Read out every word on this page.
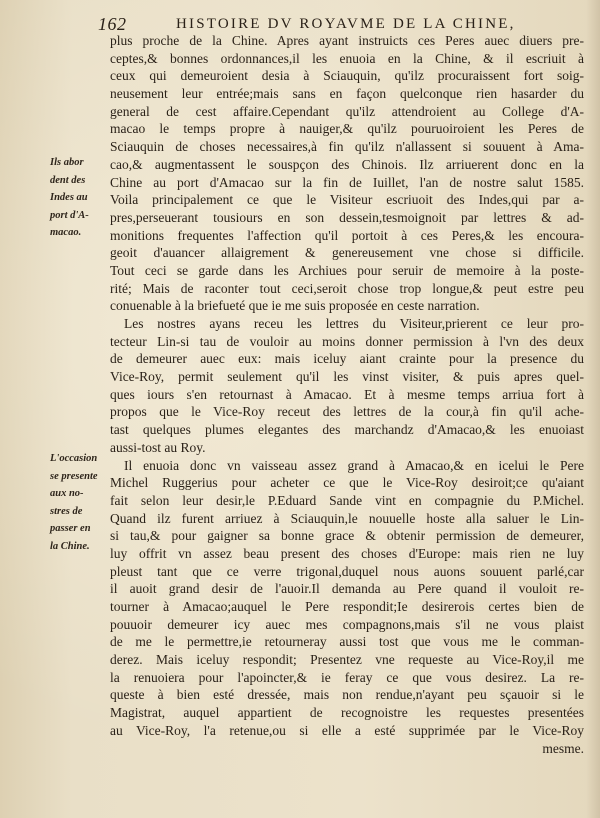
162	HISTOIRE DV ROYAVME DE LA CHINE,
Ils abor
dent des
Indes au
port d'A-
macao.
L'occasion
se presente
aux no-
stres de
passer en
la Chine.
plus proche de la Chine. Apres ayant instruicts ces Peres auec diuers pre-
ceptes,& bonnes ordonnances,il les enuoia en la Chine, & il escriuit à
ceux qui demeuroient desia à Sciauquin, qu'ilz procuraissent fort soig-
neusement leur entrée;mais sans en façon quelconque rien hasarder du
general de cest affaire.Cependant qu'ilz attendroient au College d'A-
macao le temps propre à nauiger,& qu'ilz pouruoiroient les Peres de
Sciauquin de choses necessaires,à fin qu'ilz n'allassent si souuent à Ama-
cao,& augmentassent le souspçon des Chinois. Ilz arriuerent donc en la
Chine au port d'Amacao sur la fin de Iuillet, l'an de nostre salut 1585.
Voila principalement ce que le Visiteur escriuoit des Indes,qui par a-
pres,perseuerant tousiours en son dessein,tesmoignoit par lettres & ad-
monitions frequentes l'affection qu'il portoit à ces Peres,& les encoura-
geoit d'auancer allaigrement & genereusement vne chose si difficile.
Tout ceci se garde dans les Archiues pour seruir de memoire à la poste-
rité; Mais de raconter tout ceci,seroit chose trop longue,& peut estre peu
conuenable à la briefueté que ie me suis proposée en ceste narration.
Les nostres ayans receu les lettres du Visiteur,prierent ce leur pro-
tecteur Lin-si tau de vouloir au moins donner permission à l'vn des deux
de demeurer auec eux: mais iceluy aiant crainte pour la presence du
Vice-Roy, permit seulement qu'il les vinst visiter, & puis apres quel-
ques iours s'en retournast à Amacao. Et à mesme temps arriua fort à
propos que le Vice-Roy receut des lettres de la cour,à fin qu'il ache-
tast quelques plumes elegantes des marchandz d'Amacao,& les enuoiast
aussi-tost au Roy.
Il enuoia donc vn vaisseau assez grand à Amacao,& en icelui le Pere
Michel Ruggerius pour acheter ce que le Vice-Roy desiroit;ce qu'aiant
fait selon leur desir,le P.Eduard Sande vint en compagnie du P.Michel.
Quand ilz furent arriuez à Sciauquin,le nouuelle hoste alla saluer le Lin-
si tau,& pour gaigner sa bonne grace & obtenir permission de demeurer,
luy offrit vn assez beau present des choses d'Europe: mais rien ne luy
pleust tant que ce verre trigonal,duquel nous auons souuent parlé,car
il auoit grand desir de l'auoir.Il demanda au Pere quand il vouloit re-
tourner à Amacao;auquel le Pere respondit;Ie desirerois certes bien de
pouuoir demeurer icy auec mes compagnons,mais s'il ne vous plaist
de me le permettre,ie retourneray aussi tost que vous me le comman-
derez. Mais iceluy respondit; Presentez vne requeste au Vice-Roy,il me
la renuoiera pour l'apoincter,& ie feray ce que vous desirez. La re-
queste à bien esté dressée, mais non rendue,n'ayant peu sçauoir si le
Magistrat, auquel appartient de recognoistre les requestes presentées
au Vice-Roy, l'a retenue,ou si elle a esté supprimée par le Vice-Roy
mesme.
